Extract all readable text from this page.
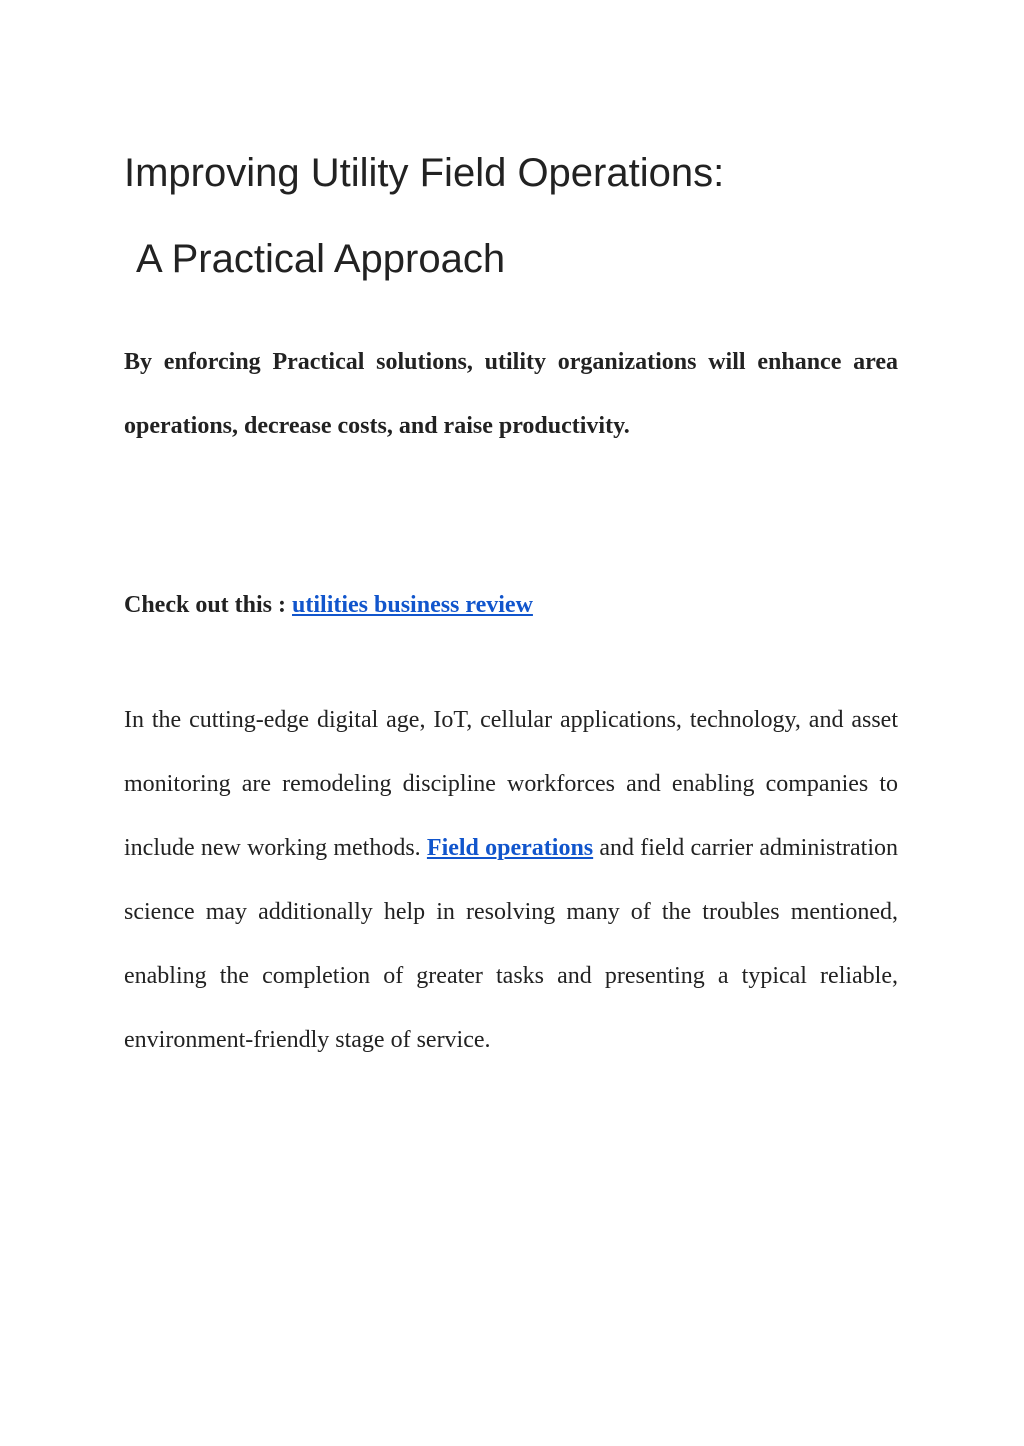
Improving Utility Field Operations:
A Practical Approach

By enforcing Practical solutions, utility organizations will enhance area operations, decrease costs, and raise productivity.

Check out this : utilities business review

In the cutting-edge digital age, IoT, cellular applications, technology, and asset monitoring are remodeling discipline workforces and enabling companies to include new working methods. Field operations and field carrier administration science may additionally help in resolving many of the troubles mentioned, enabling the completion of greater tasks and presenting a typical reliable, environment-friendly stage of service.
